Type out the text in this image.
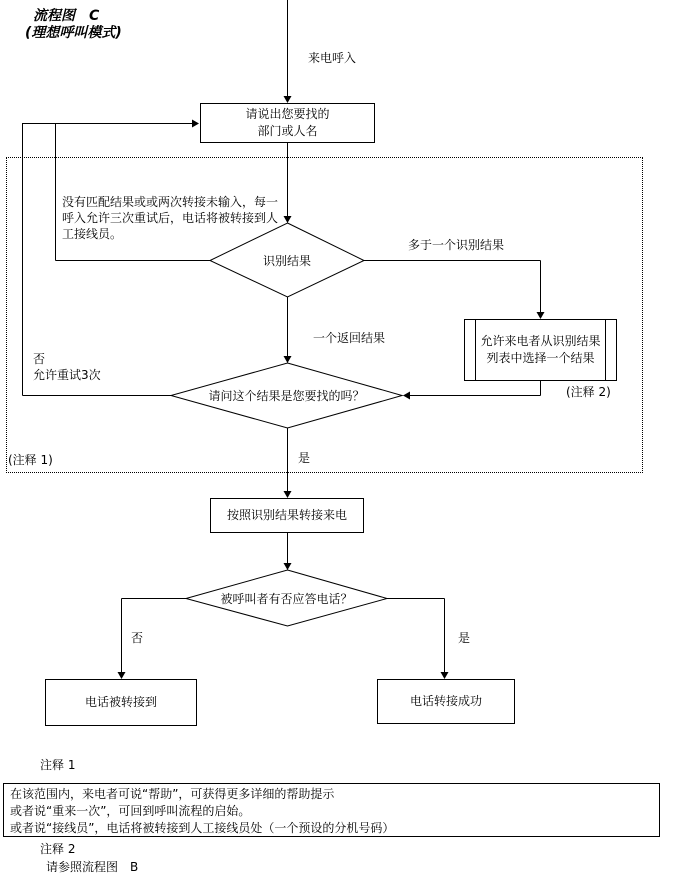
流程图　C
(理想呼叫模式)
来电呼入
请说出您要找的
部门或人名
没有匹配结果或或两次转接未输入，每一
呼入允许三次重试后，电话将被转接到人
工接线员。
识别结果
请问这个结果是您要找的吗？
被呼叫者有否应答电话？
多于一个识别结果
一个返回结果
否
允许重试3次
(注释 1)
(注释 2)
是
否	是
允许来电者从识别结果
列表中选择一个结果
按照识别结果转接来电
电话被转接到	电话转接成功
注释 1
在该范围内，来电者可说“帮助”，可获得更多详细的帮助提示
或者说“重来一次”，可回到呼叫流程的启始。
或者说“接线员”，电话将被转接到人工接线员处（一个预设的分机号码）
注释 2
请参照流程图　B
